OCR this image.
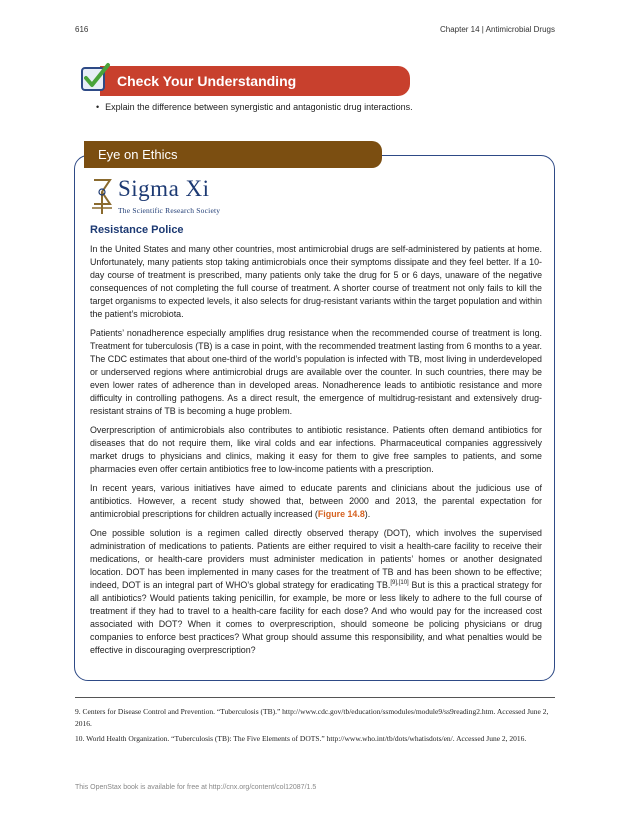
616	Chapter 14 | Antimicrobial Drugs
Check Your Understanding
• Explain the difference between synergistic and antagonistic drug interactions.
Eye on Ethics
Sigma Xi
The Scientific Research Society
Resistance Police

In the United States and many other countries, most antimicrobial drugs are self-administered by patients at home. Unfortunately, many patients stop taking antimicrobials once their symptoms dissipate and they feel better. If a 10-day course of treatment is prescribed, many patients only take the drug for 5 or 6 days, unaware of the negative consequences of not completing the full course of treatment. A shorter course of treatment not only fails to kill the target organisms to expected levels, it also selects for drug-resistant variants within the target population and within the patient’s microbiota.

Patients’ nonadherence especially amplifies drug resistance when the recommended course of treatment is long. Treatment for tuberculosis (TB) is a case in point, with the recommended treatment lasting from 6 months to a year. The CDC estimates that about one-third of the world’s population is infected with TB, most living in underdeveloped or underserved regions where antimicrobial drugs are available over the counter. In such countries, there may be even lower rates of adherence than in developed areas. Nonadherence leads to antibiotic resistance and more difficulty in controlling pathogens. As a direct result, the emergence of multidrug-resistant and extensively drug-resistant strains of TB is becoming a huge problem.

Overprescription of antimicrobials also contributes to antibiotic resistance. Patients often demand antibiotics for diseases that do not require them, like viral colds and ear infections. Pharmaceutical companies aggressively market drugs to physicians and clinics, making it easy for them to give free samples to patients, and some pharmacies even offer certain antibiotics free to low-income patients with a prescription.

In recent years, various initiatives have aimed to educate parents and clinicians about the judicious use of antibiotics. However, a recent study showed that, between 2000 and 2013, the parental expectation for antimicrobial prescriptions for children actually increased (Figure 14.8).

One possible solution is a regimen called directly observed therapy (DOT), which involves the supervised administration of medications to patients. Patients are either required to visit a health-care facility to receive their medications, or health-care providers must administer medication in patients’ homes or another designated location. DOT has been implemented in many cases for the treatment of TB and has been shown to be effective; indeed, DOT is an integral part of WHO’s global strategy for eradicating TB.[9],[10] But is this a practical strategy for all antibiotics? Would patients taking penicillin, for example, be more or less likely to adhere to the full course of treatment if they had to travel to a health-care facility for each dose? And who would pay for the increased cost associated with DOT? When it comes to overprescription, should someone be policing physicians or drug companies to enforce best practices? What group should assume this responsibility, and what penalties would be effective in discouraging overprescription?

9. Centers for Disease Control and Prevention. “Tuberculosis (TB).” http://www.cdc.gov/tb/education/ssmodules/module9/ss9reading2.htm. Accessed June 2, 2016.

10. World Health Organization. “Tuberculosis (TB): The Five Elements of DOTS.” http://www.who.int/tb/dots/whatisdots/en/. Accessed June 2, 2016.

This OpenStax book is available for free at http://cnx.org/content/col12087/1.5
